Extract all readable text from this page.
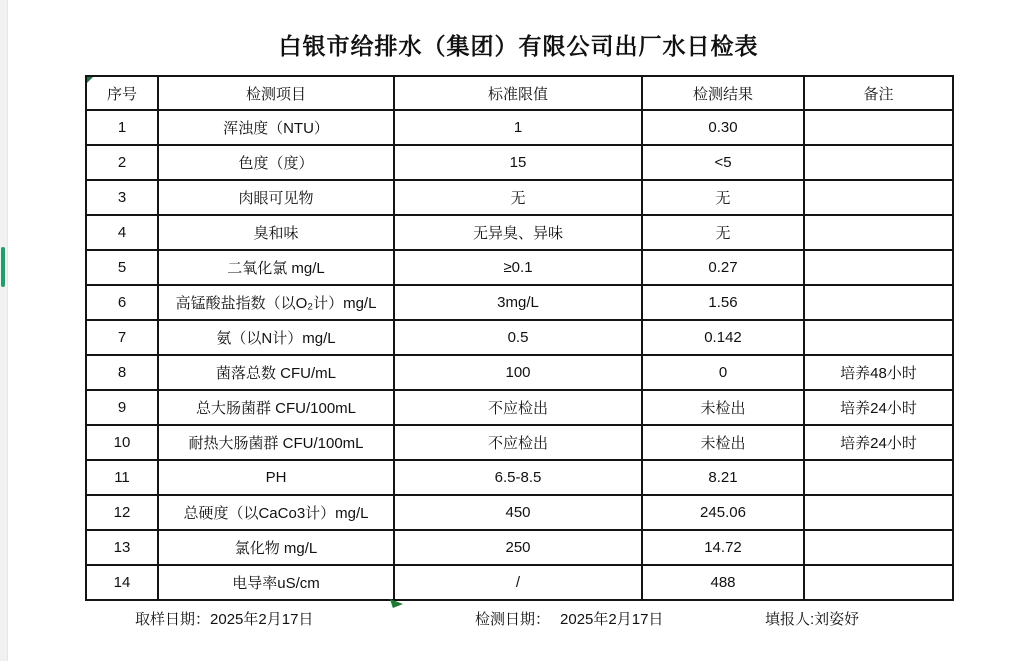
白银市给排水（集团）有限公司出厂水日检表
序号	检测项目	标准限值	检测结果	备注
1	浑浊度（NTU）	1	0.30	
2	色度（度）	15	<5	
3	肉眼可见物	无	无	
4	臭和味	无异臭、异味	无	
5	二氧化氯 mg/L	≥0.1	0.27	
6	高锰酸盐指数（以O₂计）mg/L	3mg/L	1.56	
7	氨（以N计）mg/L	0.5	0.142	
8	菌落总数 CFU/mL	100	0	培养48小时
9	总大肠菌群 CFU/100mL	不应检出	未检出	培养24小时
10	耐热大肠菌群 CFU/100mL	不应检出	未检出	培养24小时
11	PH	6.5-8.5	8.21	
12	总硬度（以CaCo3计）mg/L	450	245.06	
13	氯化物 mg/L	250	14.72	
14	电导率uS/cm	/	488	
取样日期：2025年2月17日	检测日期： 2025年2月17日	填报人:刘姿妤
